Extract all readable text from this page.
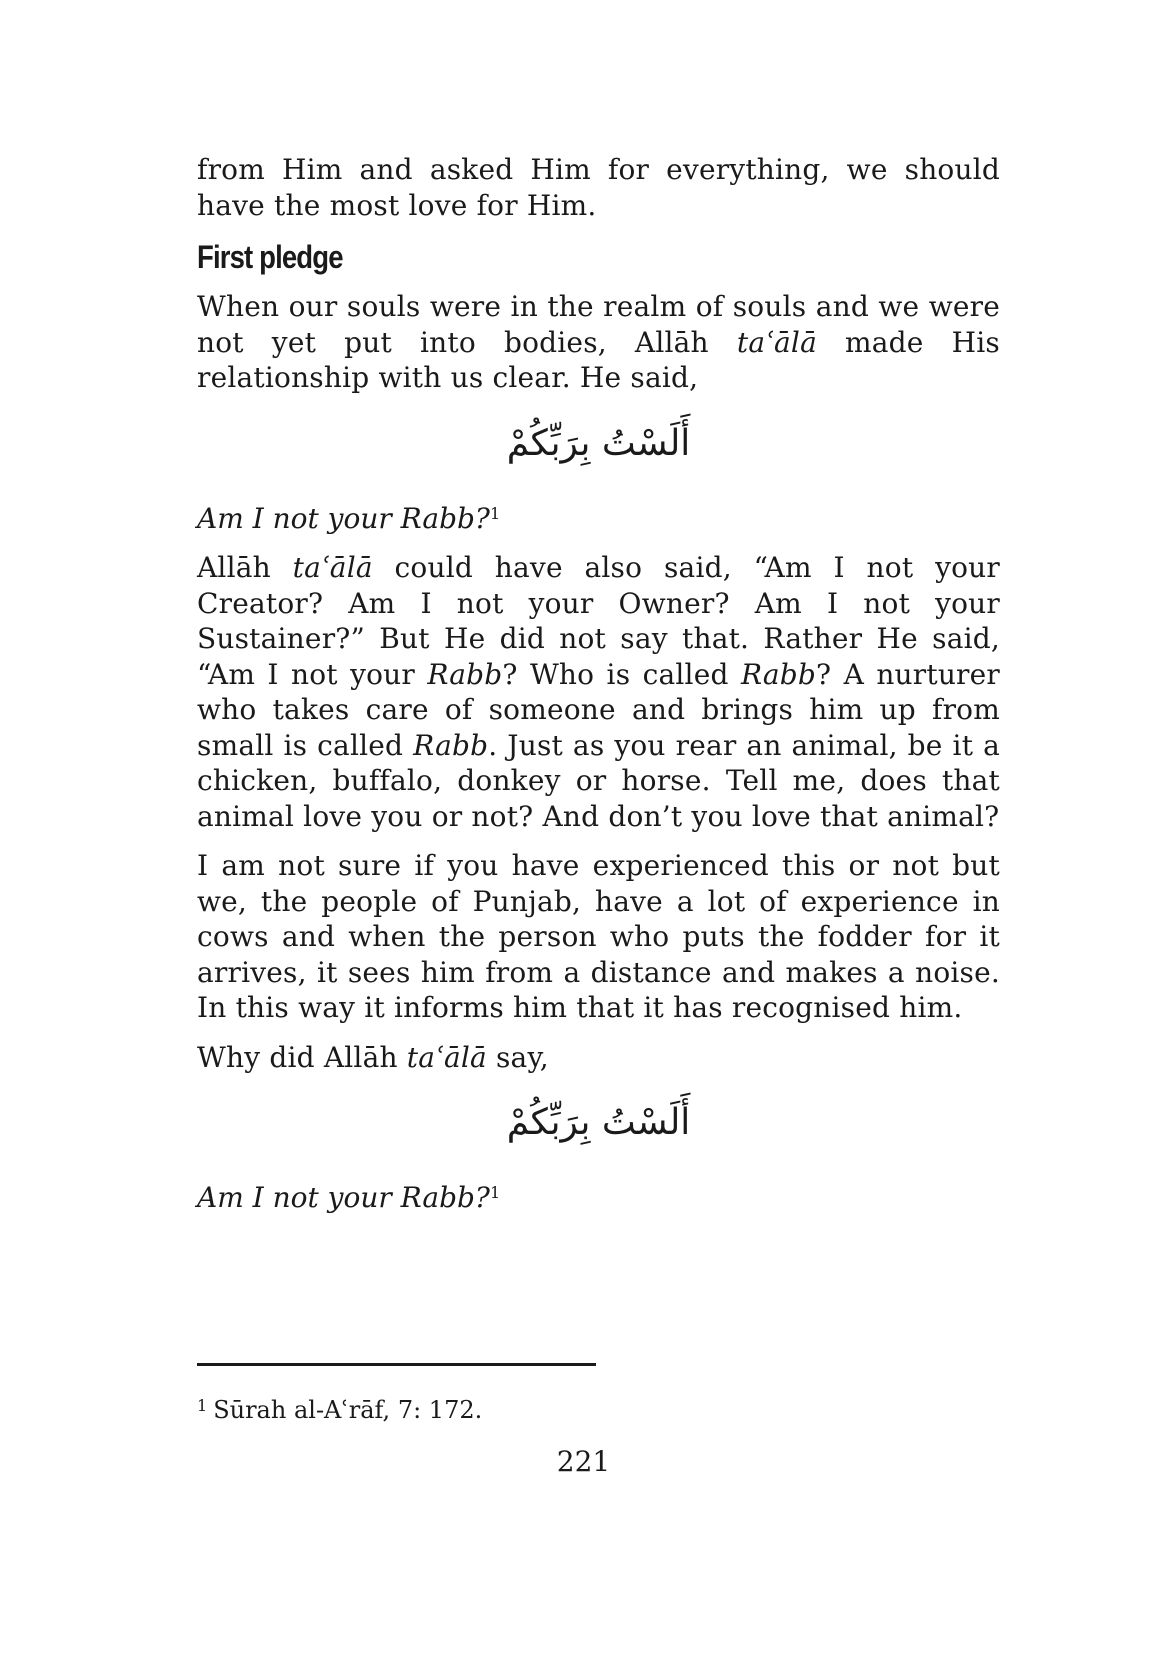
from Him and asked Him for everything, we should have the most love for Him.

First pledge

When our souls were in the realm of souls and we were not yet put into bodies, Allāh taʿālā made His relationship with us clear. He said,

أَلَسْتُ بِرَبِّكُمْ

Am I not your Rabb?$^1$

Allāh taʿālā could have also said, “Am I not your Creator? Am I not your Owner? Am I not your Sustainer?” But He did not say that. Rather He said, “Am I not your Rabb? Who is called Rabb? A nurturer who takes care of someone and brings him up from small is called Rabb. Just as you rear an animal, be it a chicken, buffalo, donkey or horse. Tell me, does that animal love you or not? And don’t you love that animal?

I am not sure if you have experienced this or not but we, the people of Punjab, have a lot of experience in cows and when the person who puts the fodder for it arrives, it sees him from a distance and makes a noise. In this way it informs him that it has recognised him.

Why did Allāh taʿālā say,

أَلَسْتُ بِرَبِّكُمْ

Am I not your Rabb?$^1$

$^1$ Sūrah al-Aʿrāf, 7: 172.
221
